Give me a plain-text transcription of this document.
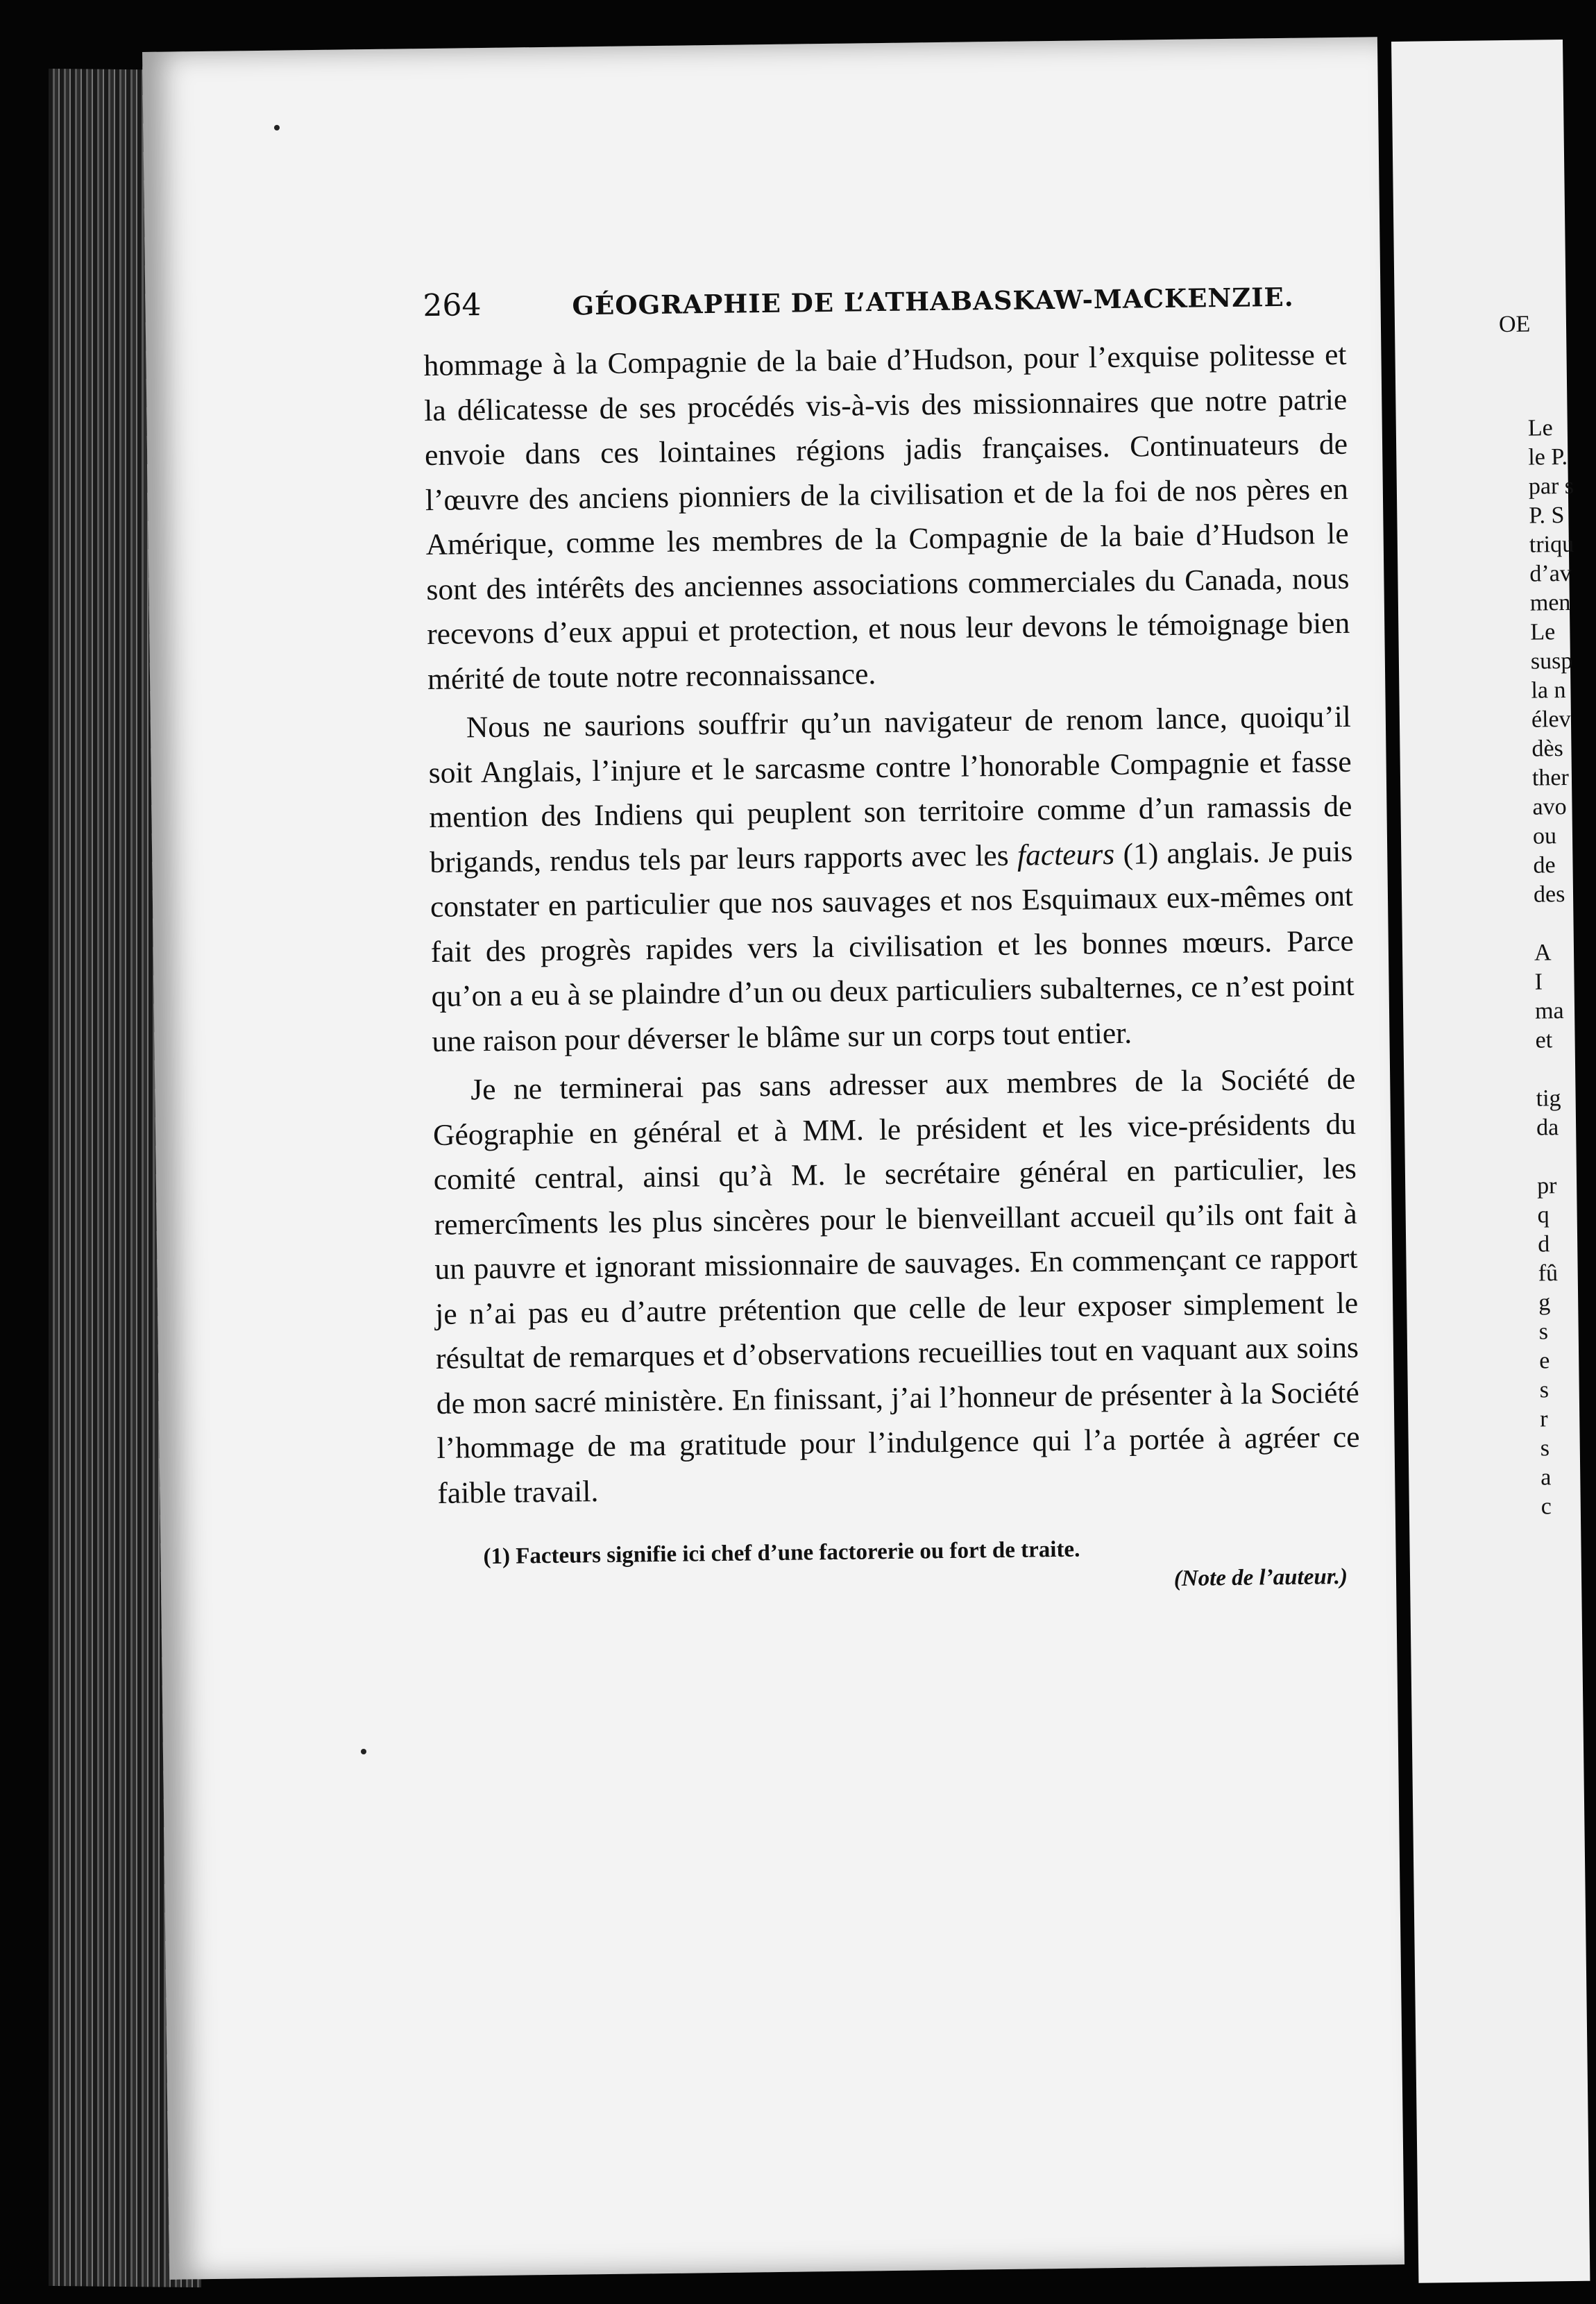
264	GÉOGRAPHIE DE L’ATHABASKAW-MACKENZIE.

hommage à la Compagnie de la baie d’Hudson, pour l’exquise politesse et la délicatesse de ses procédés vis-à-vis des missionnaires que notre patrie envoie dans ces lointaines régions jadis françaises. Continuateurs de l’œuvre des anciens pionniers de la civilisation et de la foi de nos pères en Amérique, comme les membres de la Compagnie de la baie d’Hudson le sont des intérêts des anciennes associations commerciales du Canada, nous recevons d’eux appui et protection, et nous leur devons le témoignage bien mérité de toute notre reconnaissance.

Nous ne saurions souffrir qu’un navigateur de renom lance, quoiqu’il soit Anglais, l’injure et le sarcasme contre l’honorable Compagnie et fasse mention des Indiens qui peuplent son territoire comme d’un ramassis de brigands, rendus tels par leurs rapports avec les facteurs (1) anglais. Je puis constater en particulier que nos sauvages et nos Esquimaux eux-mêmes ont fait des progrès rapides vers la civilisation et les bonnes mœurs. Parce qu’on a eu à se plaindre d’un ou deux particuliers subalternes, ce n’est point une raison pour déverser le blâme sur un corps tout entier.

Je ne terminerai pas sans adresser aux membres de la Société de Géographie en général et à MM. le président et les vice-présidents du comité central, ainsi qu’à M. le secrétaire général en particulier, les remercîments les plus sincères pour le bienveillant accueil qu’ils ont fait à un pauvre et ignorant missionnaire de sauvages. En commençant ce rapport je n’ai pas eu d’autre prétention que celle de leur exposer simplement le résultat de remarques et d’observations recueillies tout en vaquant aux soins de mon sacré ministère. En finissant, j’ai l’honneur de présenter à la Société l’hommage de ma gratitude pour l’indulgence qui l’a portée à agréer ce faible travail.

(1) Facteurs signifie ici chef d’une factorerie ou fort de traite.
(Note de l’auteur.)
OE
Le
le P.
par s
P. S
triqu
d’av
men
Le
susp
la n
élev
dès
ther
avo
ou
de
des
A
I
ma
et
tig
da
pr
q
d
fû
g
s
e
s
r
s
a
c
